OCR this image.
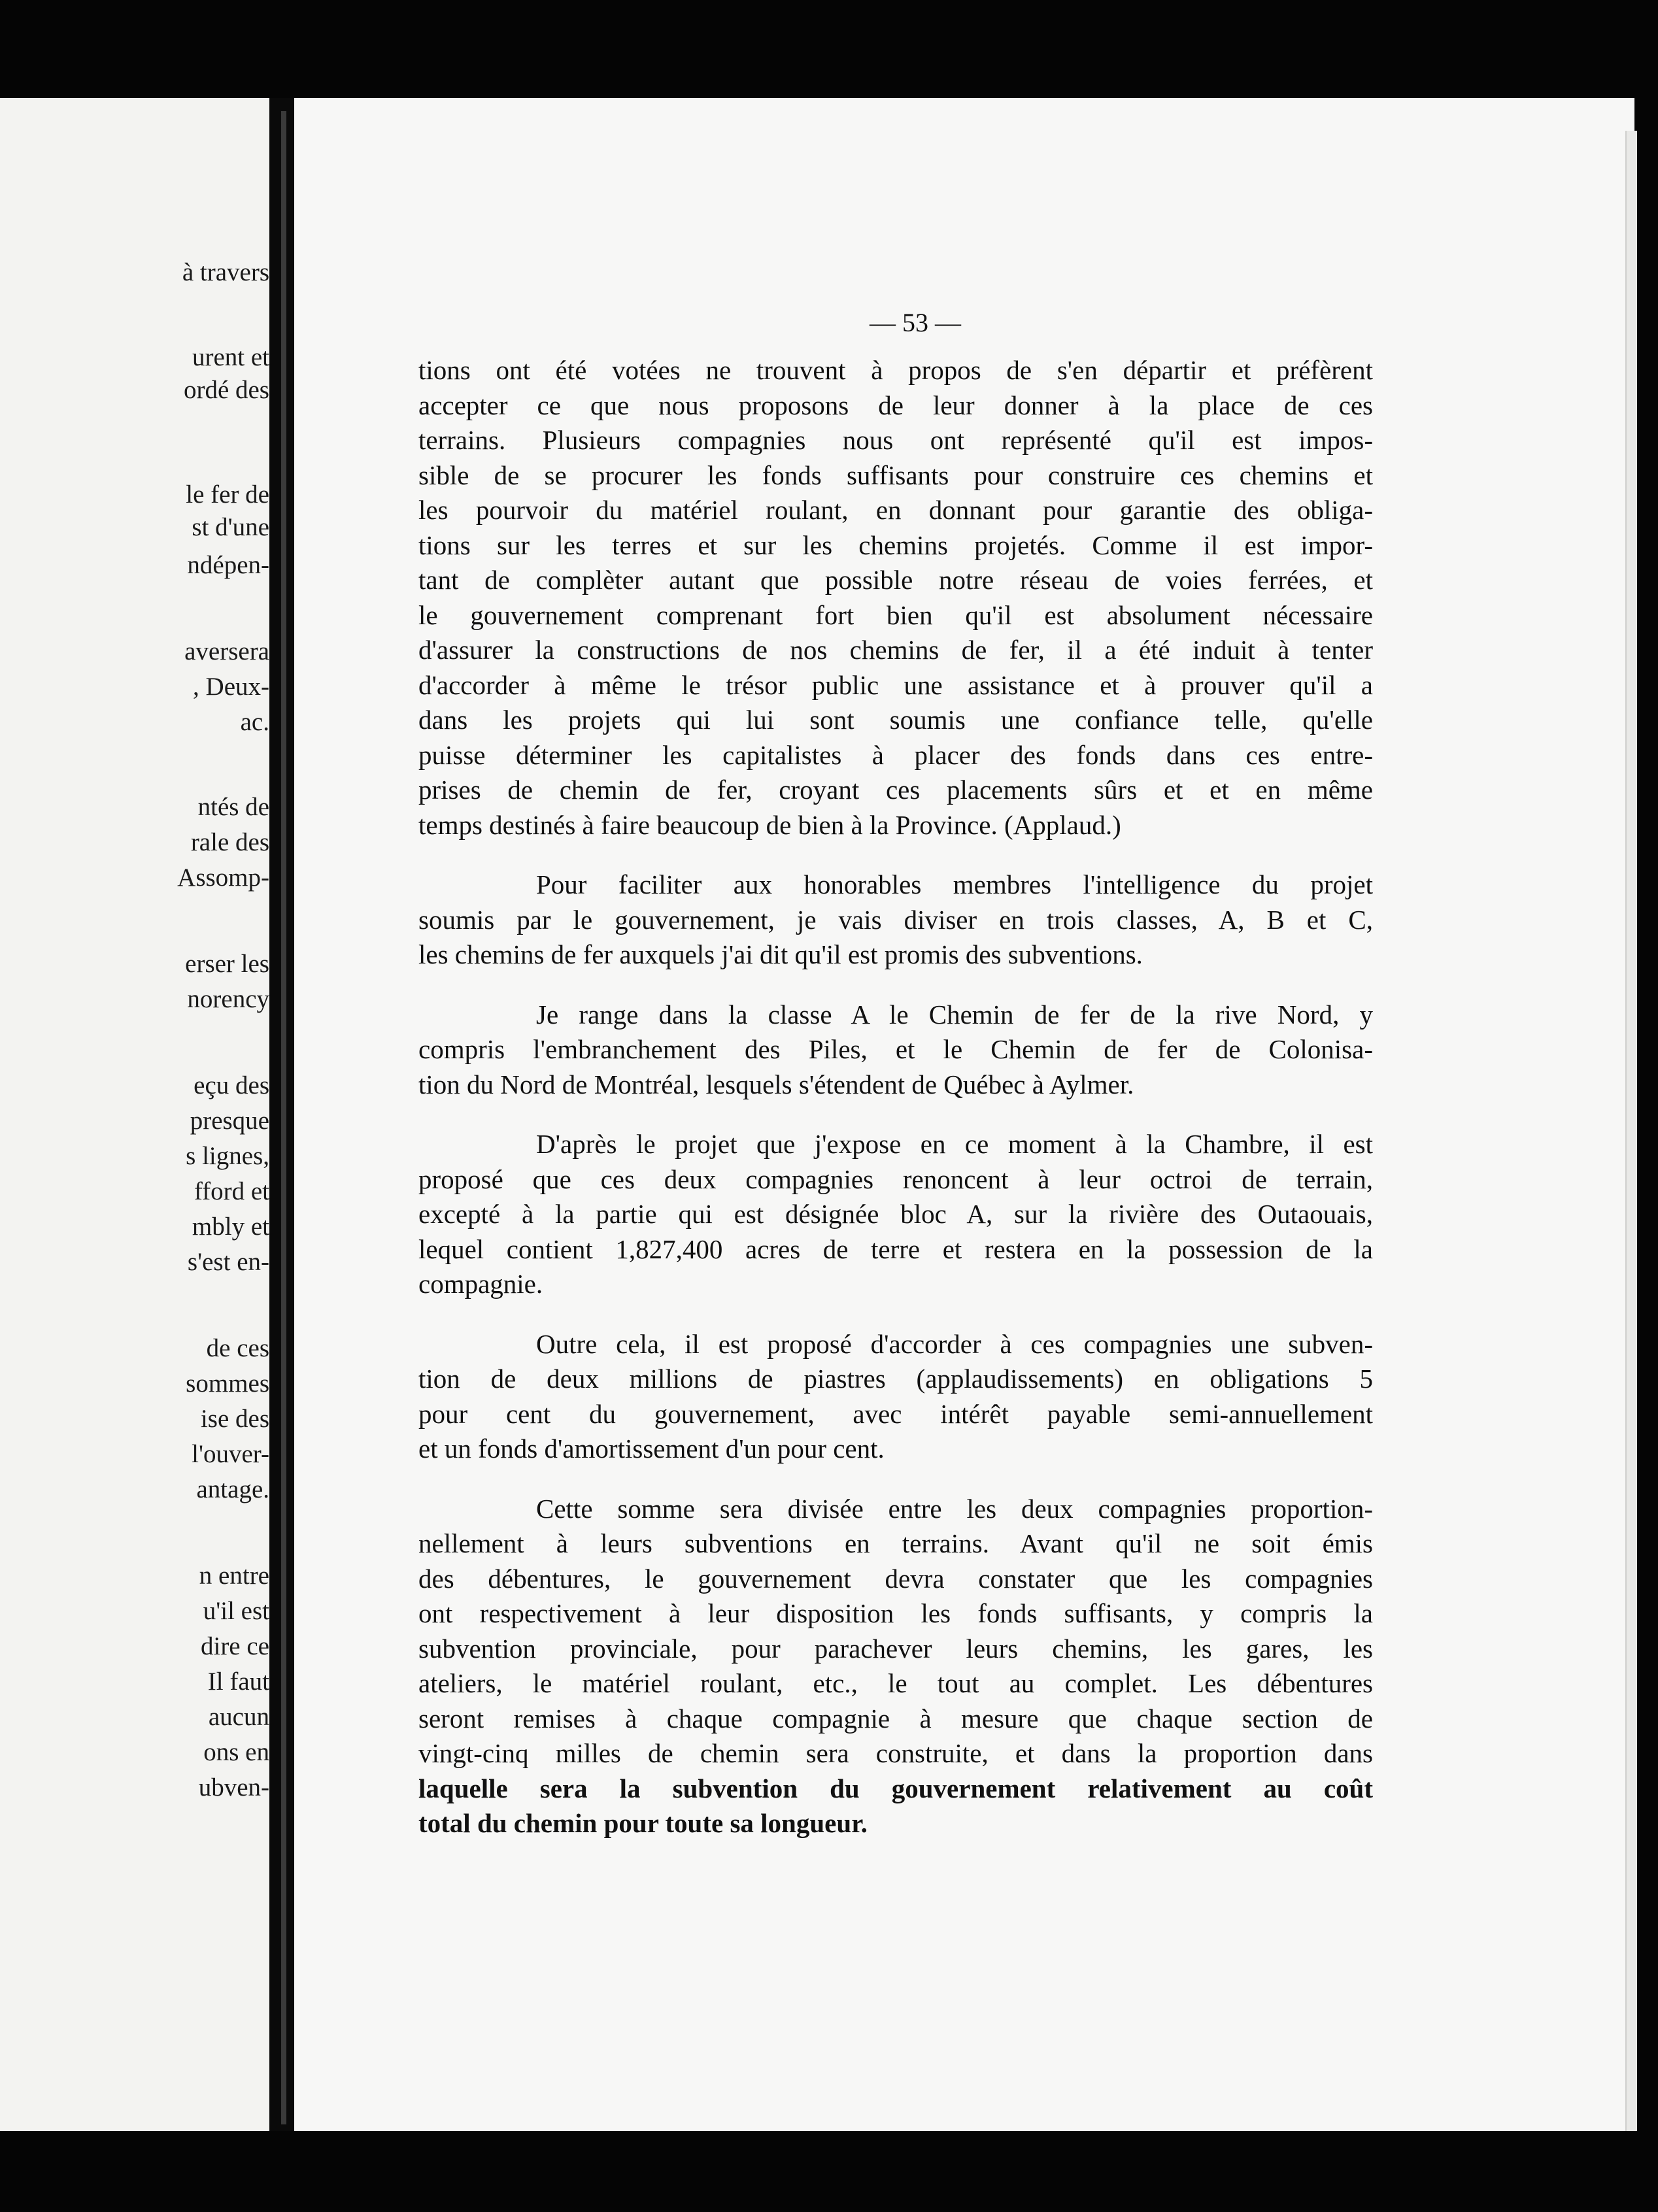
à travers
urent et
ordé des
le fer de
st d'une
ndépen-
aversera
, Deux-
ac.
ntés de
rale des
Assomp-
erser les
norency
eçu des
presque
s lignes,
fford et
mbly et
s'est en-
de ces
sommes
ise des
l'ouver-
antage.
n entre
u'il est
dire ce
Il faut
aucun
ons en
ubven-
— 53 —
tions ont été votées ne trouvent à propos de s'en départir et préfèrent
accepter ce que nous proposons de leur donner à la place de ces
terrains. Plusieurs compagnies nous ont représenté qu'il est impos-
sible de se procurer les fonds suffisants pour construire ces chemins et
les pourvoir du matériel roulant, en donnant pour garantie des obliga-
tions sur les terres et sur les chemins projetés. Comme il est impor-
tant de complèter autant que possible notre réseau de voies ferrées, et
le gouvernement comprenant fort bien qu'il est absolument nécessaire
d'assurer la constructions de nos chemins de fer, il a été induit à tenter
d'accorder à même le trésor public une assistance et à prouver qu'il a
dans les projets qui lui sont soumis une confiance telle, qu'elle
puisse déterminer les capitalistes à placer des fonds dans ces entre-
prises de chemin de fer, croyant ces placements sûrs et et en même
temps destinés à faire beaucoup de bien à la Province. (Applaud.)
Pour faciliter aux honorables membres l'intelligence du projet
soumis par le gouvernement, je vais diviser en trois classes, A, B et C,
les chemins de fer auxquels j'ai dit qu'il est promis des subventions.
Je range dans la classe A le Chemin de fer de la rive Nord, y
compris l'embranchement des Piles, et le Chemin de fer de Colonisa-
tion du Nord de Montréal, lesquels s'étendent de Québec à Aylmer.
D'après le projet que j'expose en ce moment à la Chambre, il est
proposé que ces deux compagnies renoncent à leur octroi de terrain,
excepté à la partie qui est désignée bloc A, sur la rivière des Outaouais,
lequel contient 1,827,400 acres de terre et restera en la possession de la
compagnie.
Outre cela, il est proposé d'accorder à ces compagnies une subven-
tion de deux millions de piastres (applaudissements) en obligations 5
pour cent du gouvernement, avec intérêt payable semi-annuellement
et un fonds d'amortissement d'un pour cent.
Cette somme sera divisée entre les deux compagnies proportion-
nellement à leurs subventions en terrains. Avant qu'il ne soit émis
des débentures, le gouvernement devra constater que les compagnies
ont respectivement à leur disposition les fonds suffisants, y compris la
subvention provinciale, pour parachever leurs chemins, les gares, les
ateliers, le matériel roulant, etc., le tout au complet. Les débentures
seront remises à chaque compagnie à mesure que chaque section de
vingt-cinq milles de chemin sera construite, et dans la proportion dans
laquelle sera la subvention du gouvernement relativement au coût
total du chemin pour toute sa longueur.
